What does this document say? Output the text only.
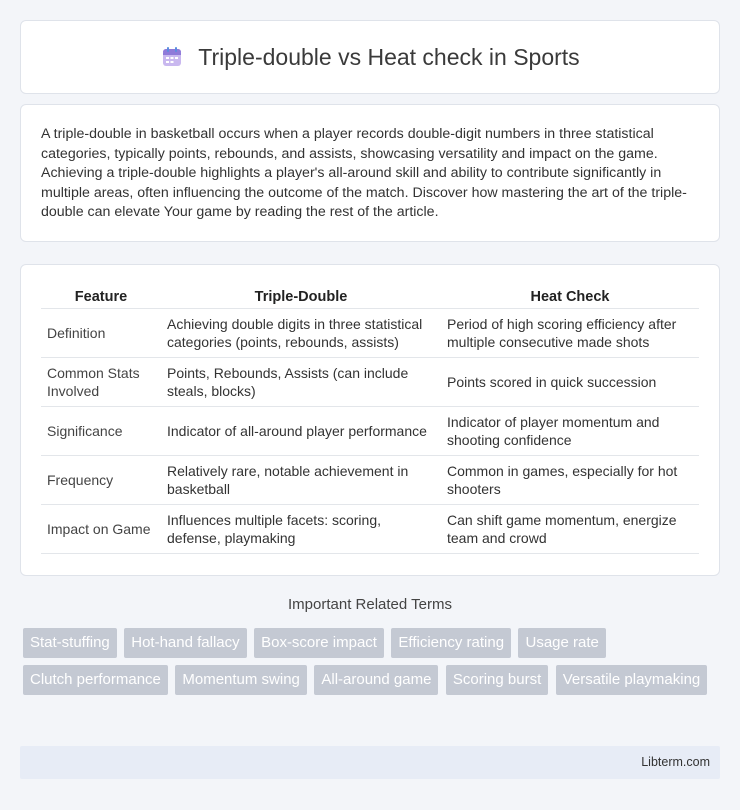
Triple-double vs Heat check in Sports

A triple-double in basketball occurs when a player records double-digit numbers in three statistical categories, typically points, rebounds, and assists, showcasing versatility and impact on the game. Achieving a triple-double highlights a player's all-around skill and ability to contribute significantly in multiple areas, often influencing the outcome of the match. Discover how mastering the art of the triple-double can elevate Your game by reading the rest of the article.

Feature	Triple-Double	Heat Check
Definition	Achieving double digits in three statistical categories (points, rebounds, assists)	Period of high scoring efficiency after multiple consecutive made shots
Common Stats Involved	Points, Rebounds, Assists (can include steals, blocks)	Points scored in quick succession
Significance	Indicator of all-around player performance	Indicator of player momentum and shooting confidence
Frequency	Relatively rare, notable achievement in basketball	Common in games, especially for hot shooters
Impact on Game	Influences multiple facets: scoring, defense, playmaking	Can shift game momentum, energize team and crowd
Important Related Terms
Stat-stuffing Hot-hand fallacy Box-score impact Efficiency rating Usage rate Clutch performance Momentum swing All-around game Scoring burst Versatile playmaking
Libterm.com
